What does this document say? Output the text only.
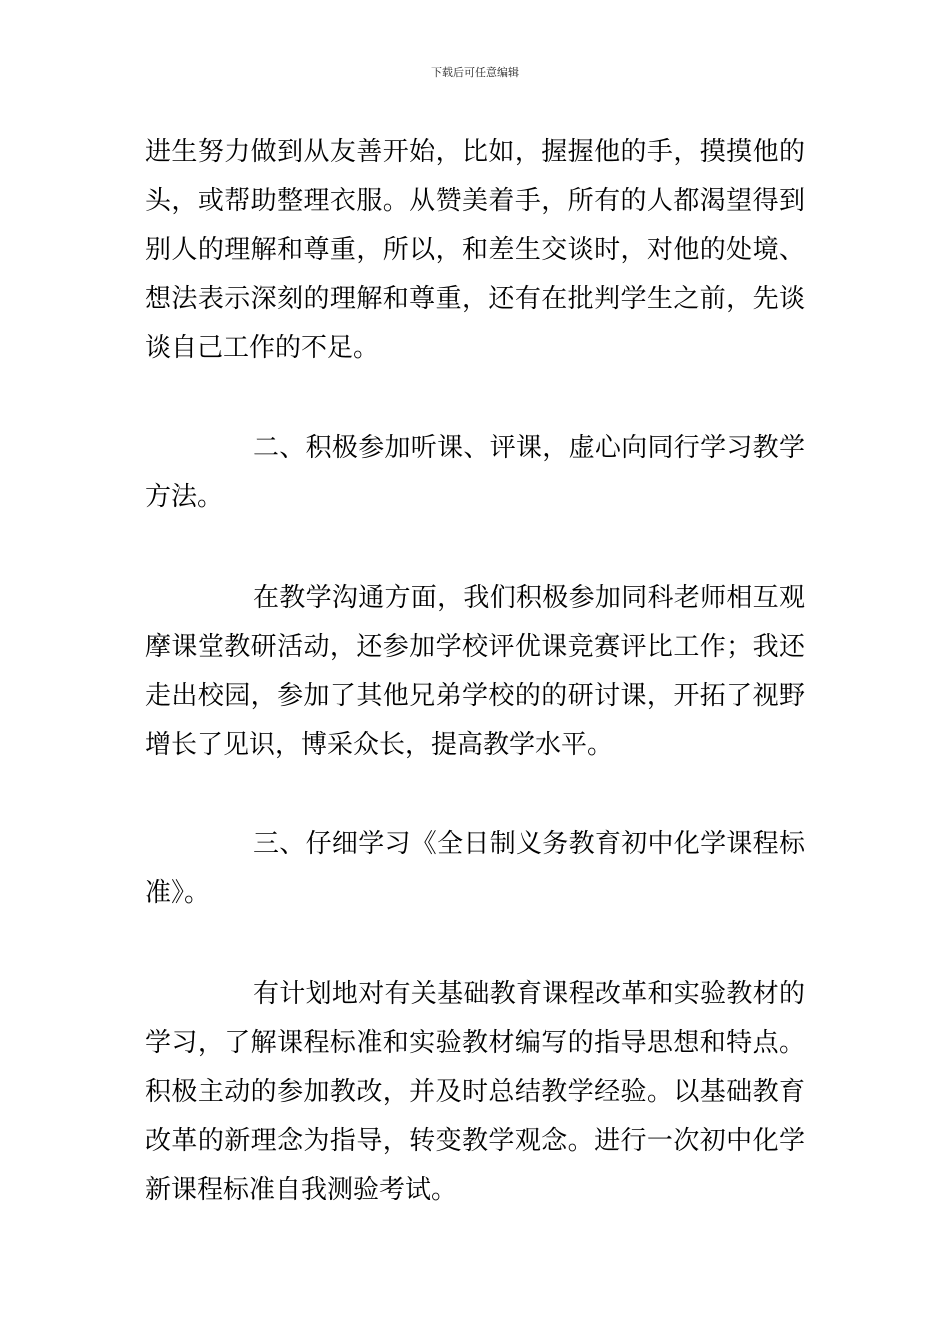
下载后可任意编辑
进生努力做到从友善开始，比如，握握他的手，摸摸他的
头，或帮助整理衣服。从赞美着手，所有的人都渴望得到
别人的理解和尊重，所以，和差生交谈时，对他的处境、
想法表示深刻的理解和尊重，还有在批判学生之前，先谈
谈自己工作的不足。
二、积极参加听课、评课，虚心向同行学习教学
方法。
在教学沟通方面，我们积极参加同科老师相互观
摩课堂教研活动，还参加学校评优课竞赛评比工作；我还
走出校园，参加了其他兄弟学校的的研讨课，开拓了视野
增长了见识，博采众长，提高教学水平。
三、仔细学习《全日制义务教育初中化学课程标
准》。
有计划地对有关基础教育课程改革和实验教材的
学习，了解课程标准和实验教材编写的指导思想和特点。
积极主动的参加教改，并及时总结教学经验。以基础教育
改革的新理念为指导，转变教学观念。进行一次初中化学
新课程标准自我测验考试。
